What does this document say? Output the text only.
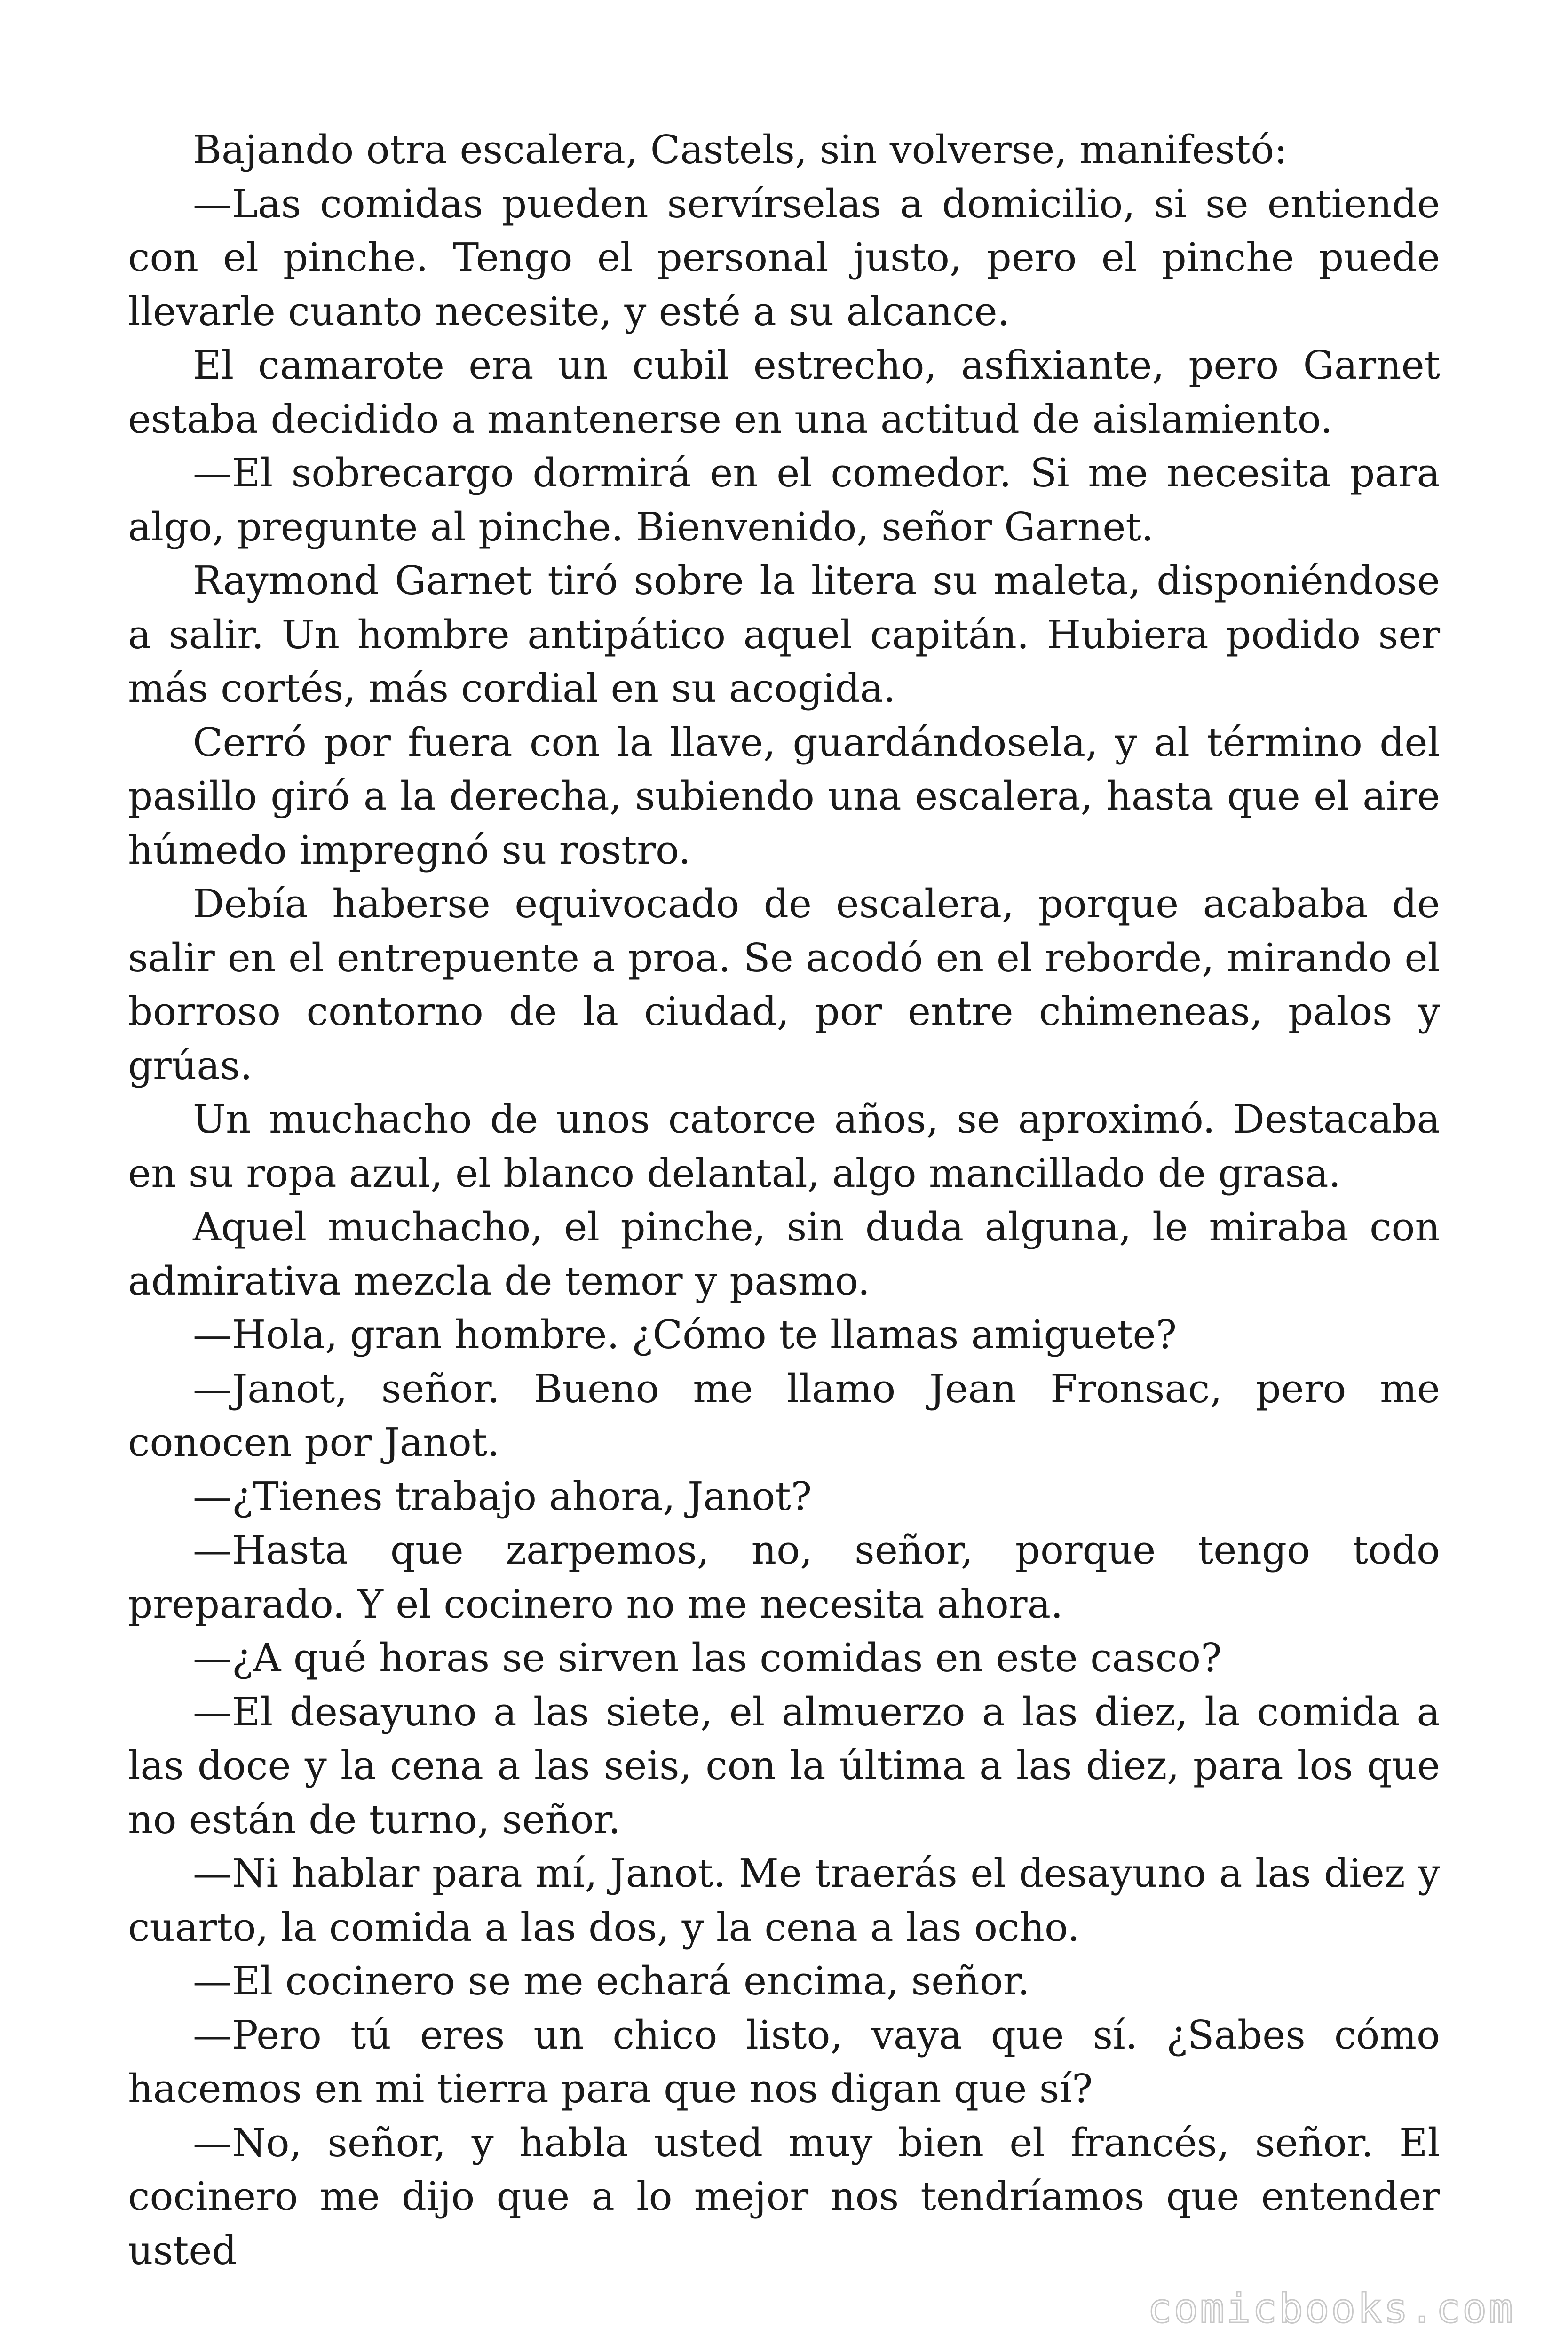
Bajando otra escalera, Castels, sin volverse, manifestó:

—Las comidas pueden servírselas a domicilio, si se entiende con el pinche. Tengo el personal justo, pero el pinche puede llevarle cuanto necesite, y esté a su alcance.

El camarote era un cubil estrecho, asfixiante, pero Garnet estaba decidido a mantenerse en una actitud de aislamiento.

—El sobrecargo dormirá en el comedor. Si me necesita para algo, pregunte al pinche. Bienvenido, señor Garnet.

Raymond Garnet tiró sobre la litera su maleta, disponiéndose a salir. Un hombre antipático aquel capitán. Hubiera podido ser más cortés, más cordial en su acogida.

Cerró por fuera con la llave, guardándosela, y al término del pasillo giró a la derecha, subiendo una escalera, hasta que el aire húmedo impregnó su rostro.

Debía haberse equivocado de escalera, porque acababa de salir en el entrepuente a proa. Se acodó en el reborde, mirando el borroso contorno de la ciudad, por entre chimeneas, palos y grúas.

Un muchacho de unos catorce años, se aproximó. Destacaba en su ropa azul, el blanco delantal, algo mancillado de grasa.

Aquel muchacho, el pinche, sin duda alguna, le miraba con admirativa mezcla de temor y pasmo.

—Hola, gran hombre. ¿Cómo te llamas amiguete?

—Janot, señor. Bueno me llamo Jean Fronsac, pero me conocen por Janot.

—¿Tienes trabajo ahora, Janot?

—Hasta que zarpemos, no, señor, porque tengo todo preparado. Y el cocinero no me necesita ahora.

—¿A qué horas se sirven las comidas en este casco?

—El desayuno a las siete, el almuerzo a las diez, la comida a las doce y la cena a las seis, con la última a las diez, para los que no están de turno, señor.

—Ni hablar para mí, Janot. Me traerás el desayuno a las diez y cuarto, la comida a las dos, y la cena a las ocho.

—El cocinero se me echará encima, señor.

—Pero tú eres un chico listo, vaya que sí. ¿Sabes cómo hacemos en mi tierra para que nos digan que sí?

—No, señor, y habla usted muy bien el francés, señor. El cocinero me dijo que a lo mejor nos tendríamos que entender usted

comicbooks.com
